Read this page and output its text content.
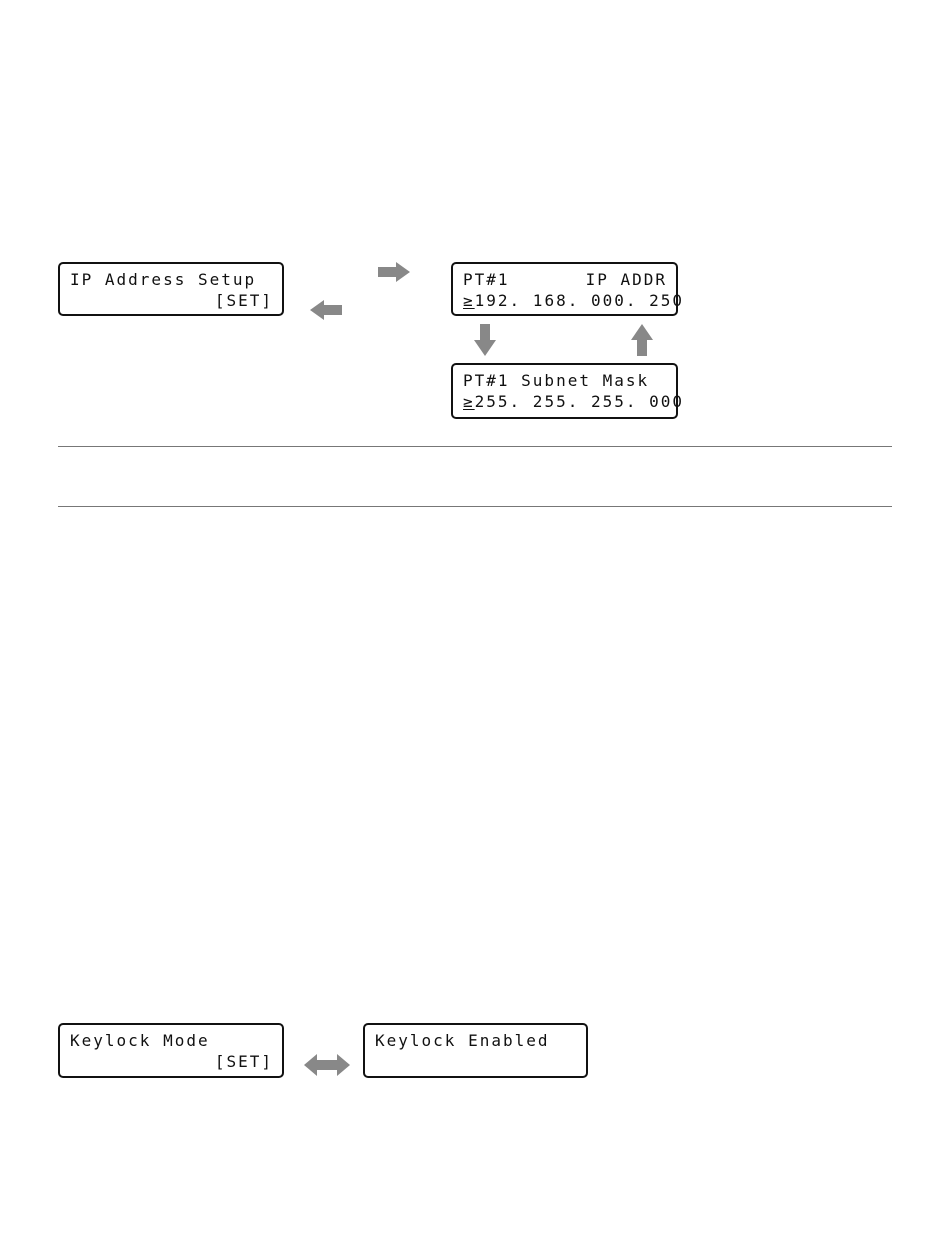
IP Address Setup
[SET]
PT#1	IP ADDR
≥192. 168. 000. 250
PT#1 Subnet Mask
≥255. 255. 255. 000
Keylock Mode
[SET]
Keylock Enabled
